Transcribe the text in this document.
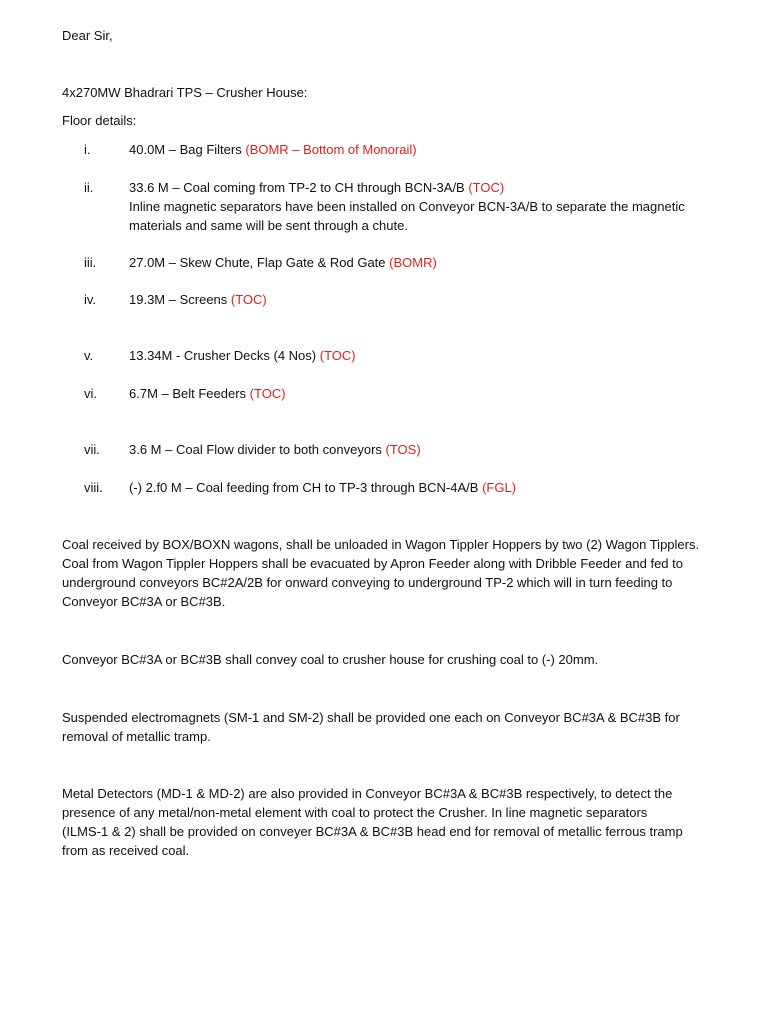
Dear Sir,
4x270MW Bhadrari TPS – Crusher House:
Floor details:
i.	40.0M – Bag Filters (BOMR – Bottom of Monorail)
ii.	33.6 M – Coal coming from TP-2 to CH through BCN-3A/B (TOC)
Inline magnetic separators have been installed on Conveyor BCN-3A/B to separate the magnetic
materials and same will be sent through a chute.
iii.	27.0M – Skew Chute, Flap Gate & Rod Gate (BOMR)
iv.	19.3M – Screens (TOC)
v.	13.34M - Crusher Decks (4 Nos) (TOC)
vi. 6.7M – Belt Feeders (TOC)
vii. 3.6 M – Coal Flow divider to both conveyors (TOS)
viii. (-) 2.f0 M – Coal feeding from CH to TP-3 through BCN-4A/B (FGL)
Coal received by BOX/BOXN wagons, shall be unloaded in Wagon Tippler Hoppers by two (2) Wagon Tipplers.
Coal from Wagon Tippler Hoppers shall be evacuated by Apron Feeder along with Dribble Feeder and fed to
underground conveyors BC#2A/2B for onward conveying to underground TP-2 which will in turn feeding to
Conveyor BC#3A or BC#3B.
Conveyor BC#3A or BC#3B shall convey coal to crusher house for crushing coal to (-) 20mm.
Suspended electromagnets (SM-1 and SM-2) shall be provided one each on Conveyor BC#3A & BC#3B for
removal of metallic tramp.
Metal Detectors (MD-1 & MD-2) are also provided in Conveyor BC#3A & BC#3B respectively, to detect the
presence of any metal/non-metal element with coal to protect the Crusher. In line magnetic separators
(ILMS-1 & 2) shall be provided on conveyer BC#3A & BC#3B head end for removal of metallic ferrous tramp
from as received coal.
